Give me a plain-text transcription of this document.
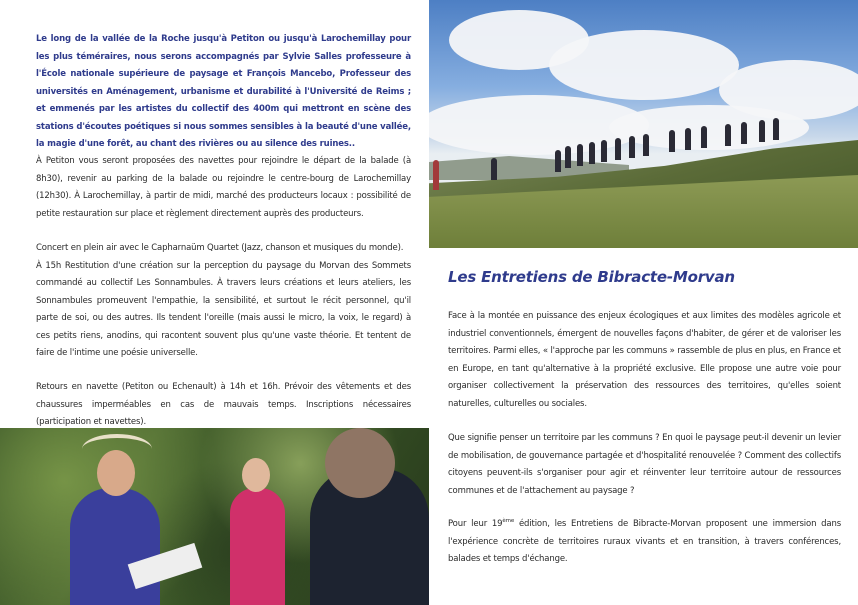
Le long de la vallée de la Roche jusqu'à Petiton ou jusqu'à Larochemillay pour les plus téméraires, nous serons accompagnés par Sylvie Salles professeure à l'École nationale supérieure de paysage et François Mancebo, Professeur des universités en Aménagement, urbanisme et durabilité à l'Université de Reims ; et emmenés par les artistes du collectif des 400m qui mettront en scène des stations d'écoutes poétiques si nous sommes sensibles à la beauté d'une vallée, la magie d'une forêt, au chant des rivières ou au silence des ruines..

À Petiton vous seront proposées des navettes pour rejoindre le départ de la balade (à 8h30), revenir au parking de la balade ou rejoindre le centre-bourg de Larochemillay (12h30). À Larochemillay, à partir de midi, marché des producteurs locaux : possibilité de petite restauration sur place et règlement directement auprès des producteurs.

Concert en plein air avec le Capharnaüm Quartet (Jazz, chanson et musiques du monde).

À 15h Restitution d'une création sur la perception du paysage du Morvan des Sommets commandé au collectif Les Sonnambules. À travers leurs créations et leurs ateliers, les Sonnambules promeuvent l'empathie, la sensibilité, et surtout le récit personnel, qu'il parte de soi, ou des autres. Ils tendent l'oreille (mais aussi le micro, la voix, le regard) à ces petits riens, anodins, qui racontent souvent plus qu'une vaste théorie. Et tentent de faire de l'intime une poésie universelle.

Retours en navette (Petiton ou Echenault) à 14h et 16h. Prévoir des vêtements et des chaussures imperméables en cas de mauvais temps. Inscriptions nécessaires (participation et navettes).

Les Entretiens de Bibracte-Morvan

Face à la montée en puissance des enjeux écologiques et aux limites des modèles agricole et industriel conventionnels, émergent de nouvelles façons d'habiter, de gérer et de valoriser les territoires. Parmi elles, « l'approche par les communs » rassemble de plus en plus, en France et en Europe, en tant qu'alternative à la propriété exclusive. Elle propose une autre voie pour organiser collectivement la préservation des ressources des territoires, qu'elles soient naturelles, culturelles ou sociales.

Que signifie penser un territoire par les communs ? En quoi le paysage peut-il devenir un levier de mobilisation, de gouvernance partagée et d'hospitalité renouvelée ? Comment des collectifs citoyens peuvent-ils s'organiser pour agir et réinventer leur territoire autour de ressources communes et de l'attachement au paysage ?

Pour leur 19ème édition, les Entretiens de Bibracte-Morvan proposent une immersion dans l'expérience concrète de territoires ruraux vivants et en transition, à travers conférences, balades et temps d'échange.
